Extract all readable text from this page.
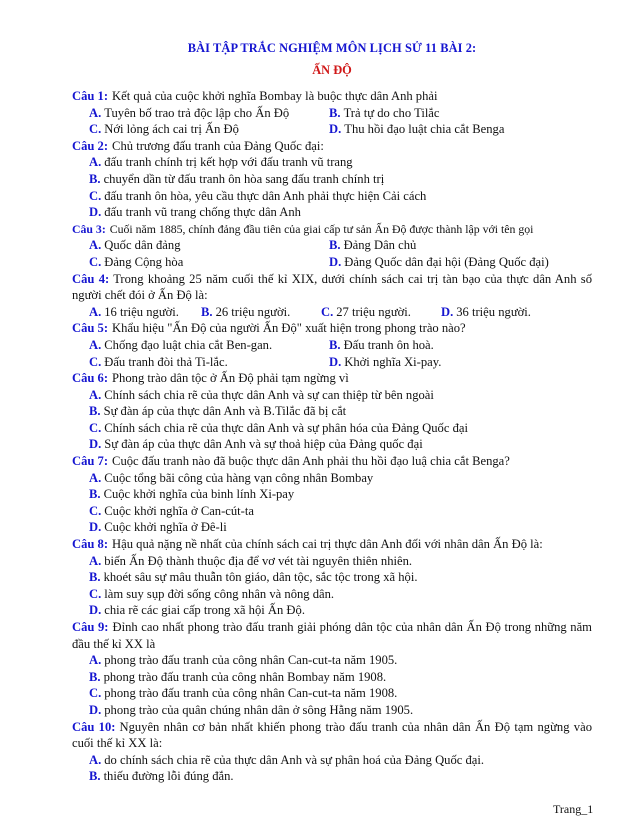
BÀI TẬP TRẮC NGHIỆM MÔN LỊCH SỬ 11 BÀI 2:
ẤN ĐỘ
Câu 1: Kết quả của cuộc khởi nghĩa Bombay là buộc thực dân Anh phải
A. Tuyên bố trao trả độc lập cho Ấn Độ	B. Trả tự do cho Tilắc
C. Nới lỏng ách cai trị Ấn Độ	D. Thu hồi đạo luật chia cắt Benga
Câu 2: Chủ trương đấu tranh của Đảng Quốc đại:
A. đấu tranh chính trị kết hợp với đấu tranh vũ trang
B. chuyển dần từ đấu tranh ôn hòa sang đấu tranh chính trị
C. đấu tranh ôn hòa, yêu cầu thực dân Anh phải thực hiện Cải cách
D. đấu tranh vũ trang chống thực dân Anh
Câu 3: Cuối năm 1885, chính đảng đầu tiên của giai cấp tư sản Ấn Độ được thành lập với tên gọi
A. Quốc dân đảng	B. Đảng Dân chủ
C. Đảng Cộng hòa	D. Đảng Quốc dân đại hội (Đảng Quốc đại)
Câu 4: Trong khoảng 25 năm cuối thế kỉ XIX, dưới chính sách cai trị tàn bạo của thực dân Anh số người chết đói ở Ấn Độ là:
A. 16 triệu người.	B. 26 triệu người.	C. 27 triệu người.	D. 36 triệu người.
Câu 5: Khẩu hiệu "Ấn Độ của người Ấn Độ" xuất hiện trong phong trào nào?
A. Chống đạo luật chia cắt Ben-gan.	B. Đấu tranh ôn hoà.
C. Đấu tranh đòi thả Ti-lắc.	D. Khởi nghĩa Xi-pay.
Câu 6: Phong trào dân tộc ở Ấn Độ phải tạm ngừng vì
A. Chính sách chia rẽ của thực dân Anh và sự can thiệp từ bên ngoài
B. Sự đàn áp của thực dân Anh và B.Tilắc đã bị cắt
C. Chính sách chia rẽ của thực dân Anh và sự phân hóa của Đảng Quốc đại
D. Sự đàn áp của thực dân Anh và sự thoả hiệp của Đảng quốc đại
Câu 7: Cuộc đấu tranh nào đã buộc thực dân Anh phải thu hồi đạo luậ chia cắt Benga?
A. Cuộc tổng bãi công của hàng vạn công nhân Bombay
B. Cuộc khởi nghĩa của binh lính Xi-pay
C. Cuộc khởi nghĩa ở Can-cút-ta
D. Cuộc khởi nghĩa ở Đê-li
Câu 8: Hậu quả nặng nề nhất của chính sách cai trị thực dân Anh đối với nhân dân Ấn Độ là:
A. biến Ấn Độ thành thuộc địa để vơ vét tài nguyên thiên nhiên.
B. khoét sâu sự mâu thuẫn tôn giáo, dân tộc, sắc tộc trong xã hội.
C. làm suy sụp đời sống công nhân và nông dân.
D. chia rẽ các giai cấp trong xã hội Ấn Độ.
Câu 9: Đỉnh cao nhất phong trào đấu tranh giải phóng dân tộc của nhân dân Ấn Độ trong những năm đầu thế kỉ XX là
A. phong trào đấu tranh của công nhân Can-cut-ta năm 1905.
B. phong trào đấu tranh của công nhân Bombay năm 1908.
C. phong trào đấu tranh của công nhân Can-cut-ta năm 1908.
D. phong trào của quân chúng nhân dân ở sông Hằng năm 1905.
Câu 10: Nguyên nhân cơ bản nhất khiến phong trào đấu tranh của nhân dân Ấn Độ tạm ngừng vào cuối thế kỉ XX là:
A. do chính sách chia rẽ của thực dân Anh và sự phân hoá của Đảng Quốc đại.
B. thiếu đường lỗi đúng đắn.
Trang_1
